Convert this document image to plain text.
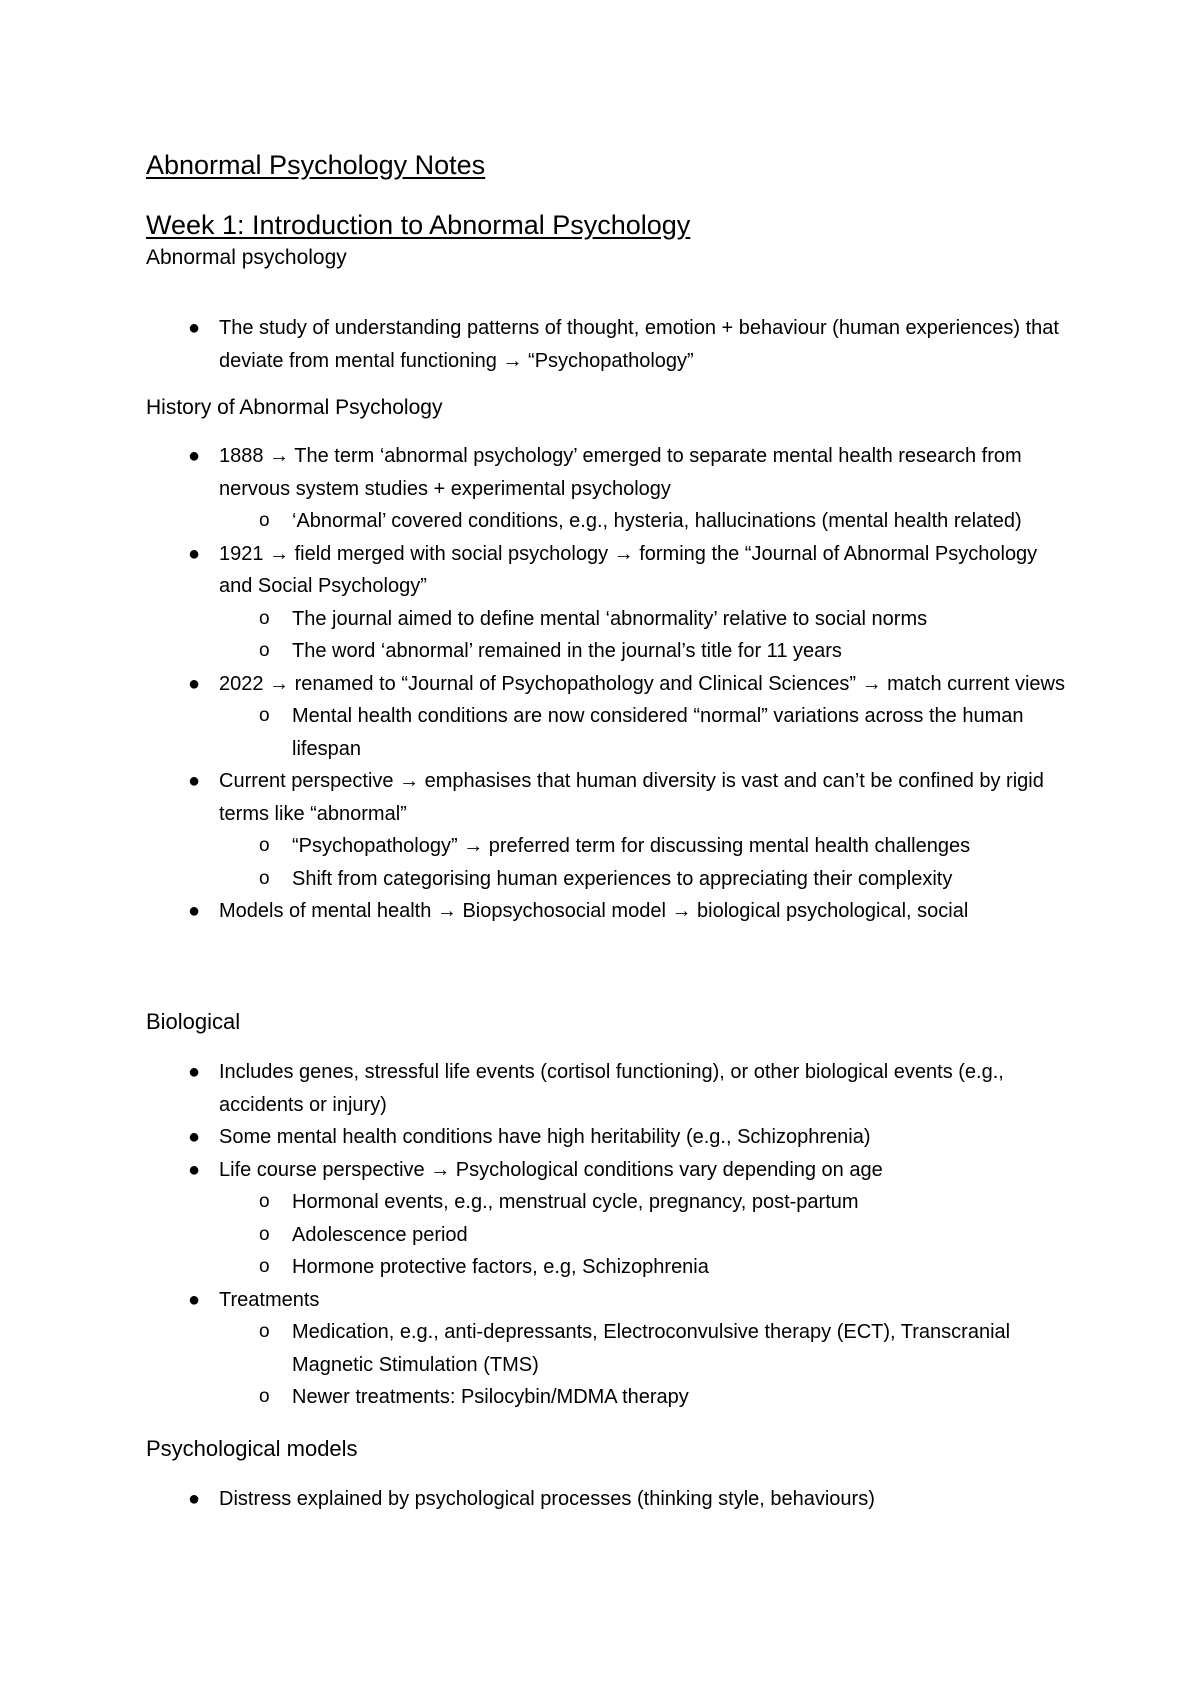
Abnormal Psychology Notes
Week 1: Introduction to Abnormal Psychology
Abnormal psychology
● The study of understanding patterns of thought, emotion + behaviour (human experiences) that deviate from mental functioning → “Psychopathology”
History of Abnormal Psychology
● 1888 → The term ‘abnormal psychology’ emerged to separate mental health research from nervous system studies + experimental psychology
o ‘Abnormal’ covered conditions, e.g., hysteria, hallucinations (mental health related)
● 1921 → field merged with social psychology → forming the “Journal of Abnormal Psychology and Social Psychology”
o The journal aimed to define mental ‘abnormality’ relative to social norms
o The word ‘abnormal’ remained in the journal’s title for 11 years
● 2022 → renamed to “Journal of Psychopathology and Clinical Sciences” → match current views
o Mental health conditions are now considered “normal” variations across the human lifespan
● Current perspective → emphasises that human diversity is vast and can’t be confined by rigid terms like “abnormal”
o “Psychopathology” → preferred term for discussing mental health challenges
o Shift from categorising human experiences to appreciating their complexity
● Models of mental health → Biopsychosocial model → biological psychological, social
Biological
● Includes genes, stressful life events (cortisol functioning), or other biological events (e.g., accidents or injury)
● Some mental health conditions have high heritability (e.g., Schizophrenia)
● Life course perspective → Psychological conditions vary depending on age
o Hormonal events, e.g., menstrual cycle, pregnancy, post-partum
o Adolescence period
o Hormone protective factors, e.g, Schizophrenia
● Treatments
o Medication, e.g., anti-depressants, Electroconvulsive therapy (ECT), Transcranial Magnetic Stimulation (TMS)
o Newer treatments: Psilocybin/MDMA therapy
Psychological models
● Distress explained by psychological processes (thinking style, behaviours)
